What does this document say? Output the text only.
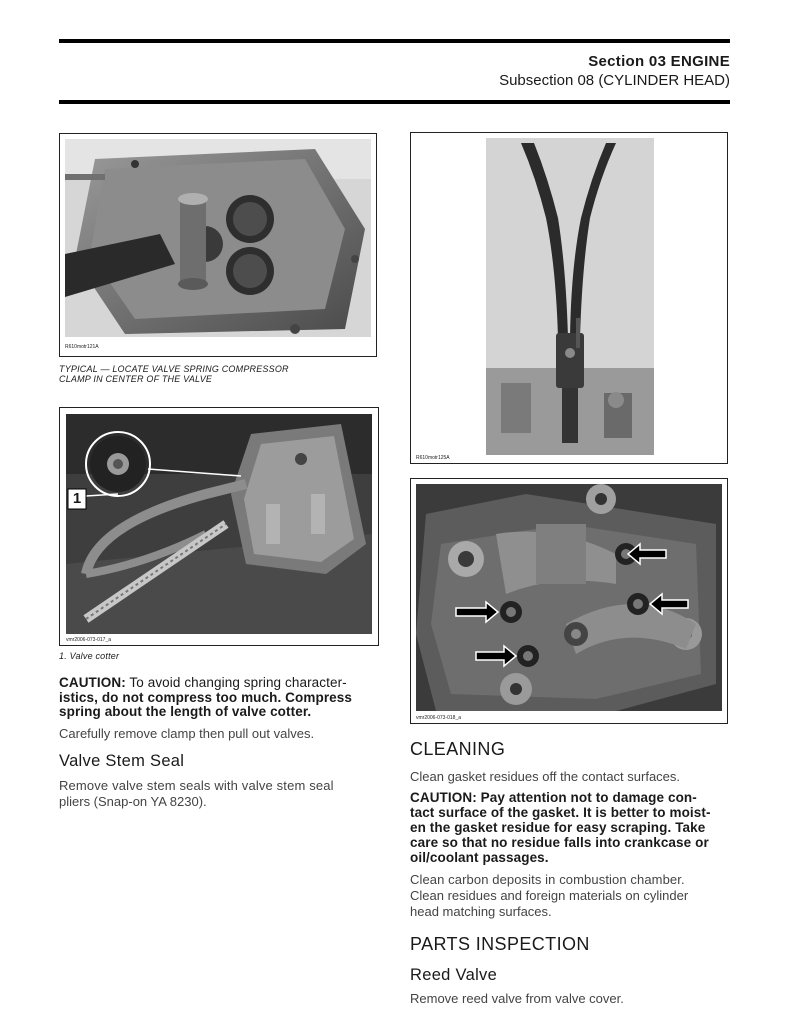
Section 03 ENGINE
Subsection 08 (CYLINDER HEAD)
R610motr121A
TYPICAL — LOCATE VALVE SPRING COMPRESSOR
CLAMP IN CENTER OF THE VALVE
1
vmr2006-073-017_a
1. Valve cotter
CAUTION: To avoid changing spring character-
istics, do not compress too much. Compress
spring about the length of valve cotter.
Carefully remove clamp then pull out valves.
Valve Stem Seal
Remove valve stem seals with valve stem seal
pliers (Snap-on YA 8230).
R610motr125A
vmr2006-073-018_a
CLEANING
Clean gasket residues off the contact surfaces.
CAUTION: Pay attention not to damage con-
tact surface of the gasket. It is better to moist-
en the gasket residue for easy scraping. Take
care so that no residue falls into crankcase or
oil/coolant passages.
Clean carbon deposits in combustion chamber.
Clean residues and foreign materials on cylinder
head matching surfaces.
PARTS INSPECTION
Reed Valve
Remove reed valve from valve cover.
